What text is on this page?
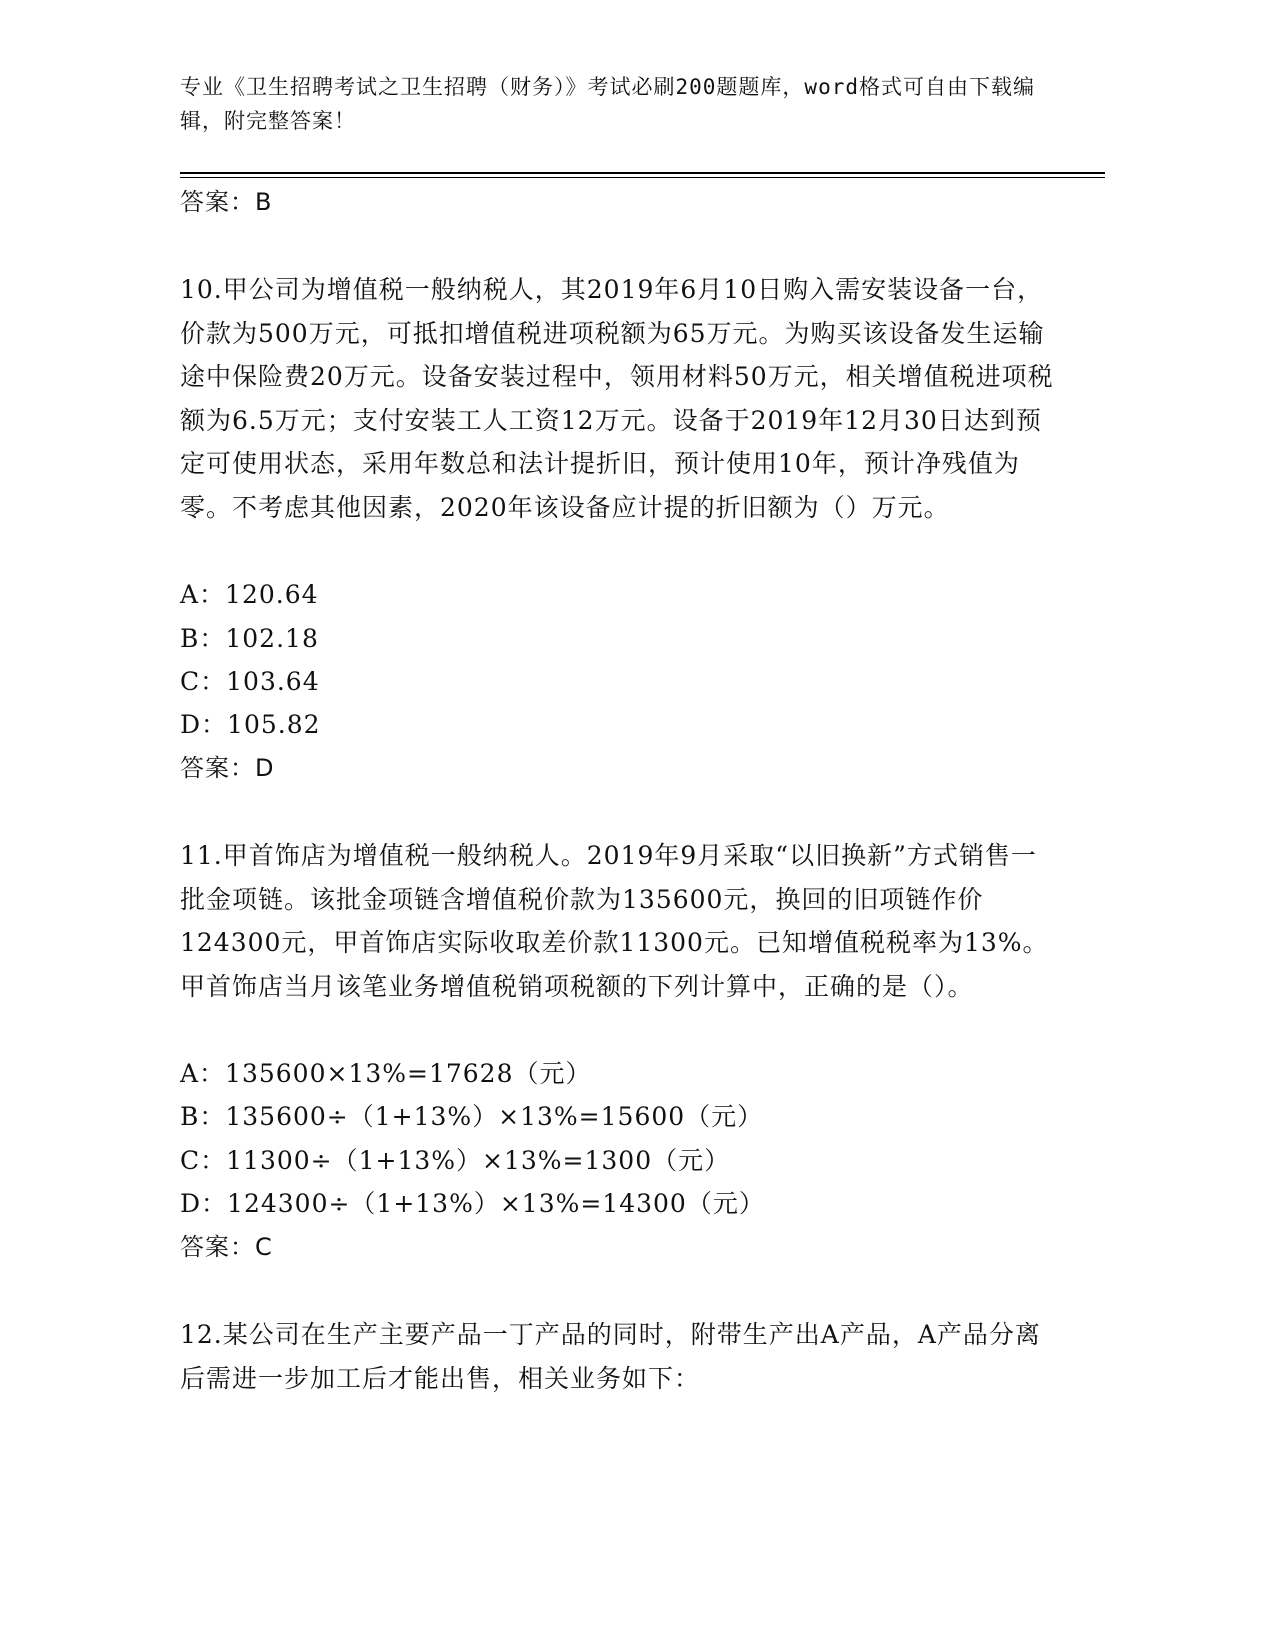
专业《卫生招聘考试之卫生招聘（财务）》考试必刷200题题库，word格式可自由下载编辑，附完整答案！
答案：B
10.甲公司为增值税一般纳税人，其2019年6月10日购入需安装设备一台，价款为500万元，可抵扣增值税进项税额为65万元。为购买该设备发生运输途中保险费20万元。设备安装过程中，领用材料50万元，相关增值税进项税额为6.5万元；支付安装工人工资12万元。设备于2019年12月30日达到预定可使用状态，采用年数总和法计提折旧，预计使用10年，预计净残值为零。不考虑其他因素，2020年该设备应计提的折旧额为（）万元。
A：120.64
B：102.18
C：103.64
D：105.82
答案：D
11.甲首饰店为增值税一般纳税人。2019年9月采取“以旧换新”方式销售一批金项链。该批金项链含增值税价款为135600元，换回的旧项链作价124300元，甲首饰店实际收取差价款11300元。已知增值税税率为13%。甲首饰店当月该笔业务增值税销项税额的下列计算中，正确的是（）。
A：135600×13%=17628（元）
B：135600÷（1+13%）×13%=15600（元）
C：11300÷（1+13%）×13%=1300（元）
D：124300÷（1+13%）×13%=14300（元）
答案：C
12.某公司在生产主要产品一丁产品的同时，附带生产出A产品，A产品分离后需进一步加工后才能出售，相关业务如下：
